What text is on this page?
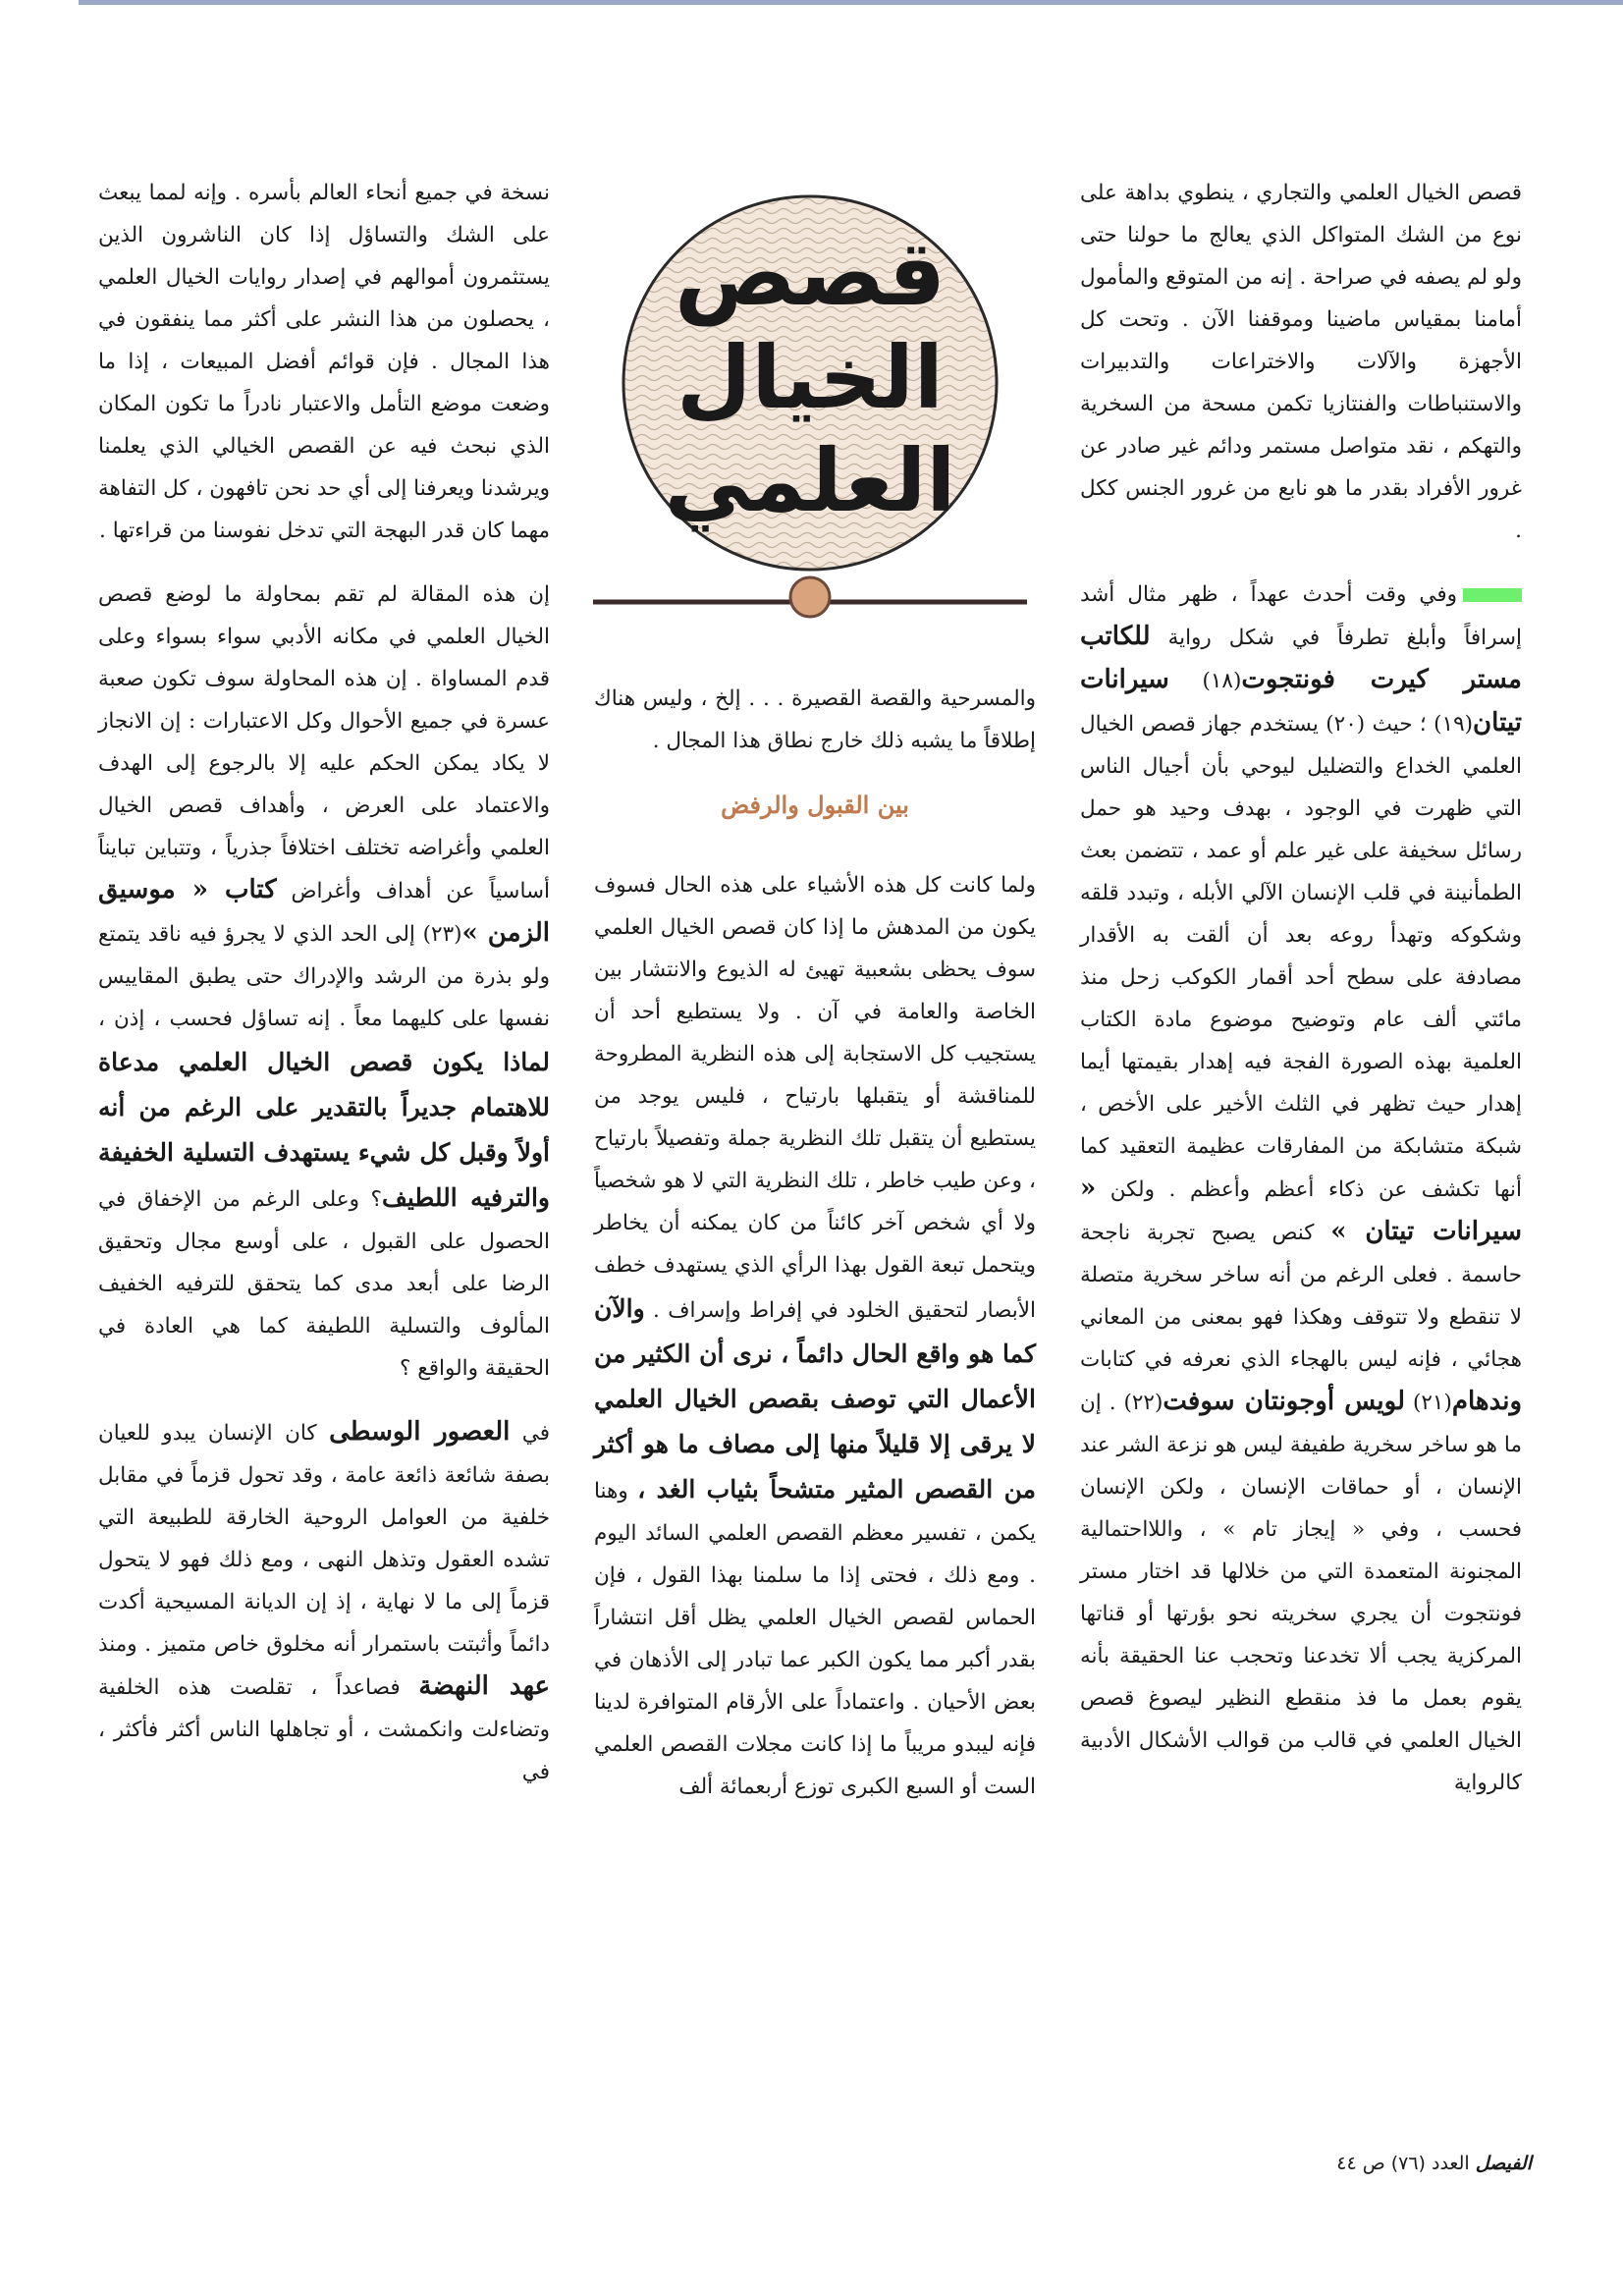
قصص الخيال العلمي والتجاري ، ينطوي بداهة على نوع من الشك المتواكل الذي يعالج ما حولنا حتى ولو لم يصفه في صراحة . إنه من المتوقع والمأمول أمامنا بمقياس ماضينا وموقفنا الآن . وتحت كل الأجهزة والآلات والاختراعات والتدبيرات والاستنباطات والفنتازيا تكمن مسحة من السخرية والتهكم ، نقد متواصل مستمر ودائم غير صادر عن غرور الأفراد بقدر ما هو نابع من غرور الجنس ككل .

وفي وقت أحدث عهداً ، ظهر مثال أشد إسرافاً وأبلغ تطرفاً في شكل رواية للكاتب مستر كيرت فونتجوت(١٨) سيرانات تيتان(١٩) ؛ حيث (٢٠) يستخدم جهاز قصص الخيال العلمي الخداع والتضليل ليوحي بأن أجيال الناس التي ظهرت في الوجود ، بهدف وحيد هو حمل رسائل سخيفة على غير علم أو عمد ، تتضمن بعث الطمأنينة في قلب الإنسان الآلي الأبله ، وتبدد قلقه وشكوكه وتهدأ روعه بعد أن ألقت به الأقدار مصادفة على سطح أحد أقمار الكوكب زحل منذ مائتي ألف عام وتوضيح موضوع مادة الكتاب العلمية بهذه الصورة الفجة فيه إهدار بقيمتها أيما إهدار حيث تظهر في الثلث الأخير على الأخص ، شبكة متشابكة من المفارقات عظيمة التعقيد كما أنها تكشف عن ذكاء أعظم وأعظم . ولكن « سيرانات تيتان » كنص يصبح تجربة ناجحة حاسمة . فعلى الرغم من أنه ساخر سخرية متصلة لا تنقطع ولا تتوقف وهكذا فهو بمعنى من المعاني هجائي ، فإنه ليس بالهجاء الذي نعرفه في كتابات وندهام(٢١) لويس أوجونتان سوفت(٢٢) . إن ما هو ساخر سخرية طفيفة ليس هو نزعة الشر عند الإنسان ، أو حماقات الإنسان ، ولكن الإنسان فحسب ، وفي « إيجاز تام » ، واللااحتمالية المجنونة المتعمدة التي من خلالها قد اختار مستر فونتجوت أن يجري سخريته نحو بؤرتها أو قناتها المركزية يجب ألا تخدعنا وتحجب عنا الحقيقة بأنه يقوم بعمل ما فذ منقطع النظير ليصوغ قصص الخيال العلمي في قالب من قوالب الأشكال الأدبية كالرواية

قصص
الخيال
العلمي

والمسرحية والقصة القصيرة . . . إلخ ، وليس هناك إطلاقاً ما يشبه ذلك خارج نطاق هذا المجال .

بين القبول والرفض

ولما كانت كل هذه الأشياء على هذه الحال فسوف يكون من المدهش ما إذا كان قصص الخيال العلمي سوف يحظى بشعبية تهيئ له الذيوع والانتشار بين الخاصة والعامة في آن . ولا يستطيع أحد أن يستجيب كل الاستجابة إلى هذه النظرية المطروحة للمناقشة أو يتقبلها بارتياح ، فليس يوجد من يستطيع أن يتقبل تلك النظرية جملة وتفصيلاً بارتياح ، وعن طيب خاطر ، تلك النظرية التي لا هو شخصياً ولا أي شخص آخر كائناً من كان يمكنه أن يخاطر ويتحمل تبعة القول بهذا الرأي الذي يستهدف خطف الأبصار لتحقيق الخلود في إفراط وإسراف . والآن كما هو واقع الحال دائماً ، نرى أن الكثير من الأعمال التي توصف بقصص الخيال العلمي لا يرقى إلا قليلاً منها إلى مصاف ما هو أكثر من القصص المثير متشحاً بثياب الغد ، وهنا يكمن ، تفسير معظم القصص العلمي السائد اليوم . ومع ذلك ، فحتى إذا ما سلمنا بهذا القول ، فإن الحماس لقصص الخيال العلمي يظل أقل انتشاراً بقدر أكبر مما يكون الكبر عما تبادر إلى الأذهان في بعض الأحيان . واعتماداً على الأرقام المتوافرة لدينا فإنه ليبدو مريباً ما إذا كانت مجلات القصص العلمي الست أو السبع الكبرى توزع أربعمائة ألف

نسخة في جميع أنحاء العالم بأسره . وإنه لمما يبعث على الشك والتساؤل إذا كان الناشرون الذين يستثمرون أموالهم في إصدار روايات الخيال العلمي ، يحصلون من هذا النشر على أكثر مما ينفقون في هذا المجال . فإن قوائم أفضل المبيعات ، إذا ما وضعت موضع التأمل والاعتبار نادراً ما تكون المكان الذي نبحث فيه عن القصص الخيالي الذي يعلمنا ويرشدنا ويعرفنا إلى أي حد نحن تافهون ، كل التفاهة مهما كان قدر البهجة التي تدخل نفوسنا من قراءتها .

إن هذه المقالة لم تقم بمحاولة ما لوضع قصص الخيال العلمي في مكانه الأدبي سواء بسواء وعلى قدم المساواة . إن هذه المحاولة سوف تكون صعبة عسرة في جميع الأحوال وكل الاعتبارات : إن الانجاز لا يكاد يمكن الحكم عليه إلا بالرجوع إلى الهدف والاعتماد على العرض ، وأهداف قصص الخيال العلمي وأغراضه تختلف اختلافاً جذرياً ، وتتباين تبايناً أساسياً عن أهداف وأغراض كتاب « موسيق الزمن »(٢٣) إلى الحد الذي لا يجرؤ فيه ناقد يتمتع ولو بذرة من الرشد والإدراك حتى يطبق المقاييس نفسها على كليهما معاً . إنه تساؤل فحسب ، إذن ، لماذا يكون قصص الخيال العلمي مدعاة للاهتمام جديراً بالتقدير على الرغم من أنه أولاً وقبل كل شيء يستهدف التسلية الخفيفة والترفيه اللطيف؟ وعلى الرغم من الإخفاق في الحصول على القبول ، على أوسع مجال وتحقيق الرضا على أبعد مدى كما يتحقق للترفيه الخفيف المألوف والتسلية اللطيفة كما هي العادة في الحقيقة والواقع ؟

في العصور الوسطى كان الإنسان يبدو للعيان بصفة شائعة ذائعة عامة ، وقد تحول قزماً في مقابل خلفية من العوامل الروحية الخارقة للطبيعة التي تشده العقول وتذهل النهى ، ومع ذلك فهو لا يتحول قزماً إلى ما لا نهاية ، إذ إن الديانة المسيحية أكدت دائماً وأثبتت باستمرار أنه مخلوق خاص متميز . ومنذ عهد النهضة فصاعداً ، تقلصت هذه الخلفية وتضاءلت وانكمشت ، أو تجاهلها الناس أكثر فأكثر ، في

الفيصل العدد (٧٦) ص ٤٤
